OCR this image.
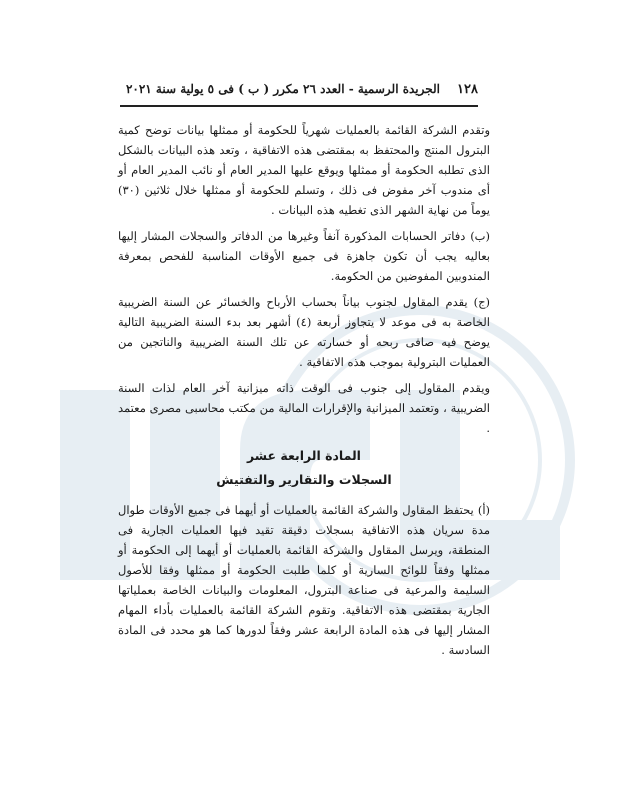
١٢٨
الجريدة الرسمية - العدد ٢٦ مكرر ( ب ) فى ٥ يولية سنة ٢٠٢١

وتقدم الشركة القائمة بالعمليات شهرياً للحكومة أو ممثلها بيانات توضح كمية البترول المنتج والمحتفظ به بمقتضى هذه الاتفاقية ، وتعد هذه البيانات بالشكل الذى تطلبه الحكومة أو ممثلها ويوقع عليها المدير العام أو نائب المدير العام أو أى مندوب آخر مفوض فى ذلك ، وتسلم للحكومة أو ممثلها خلال ثلاثين (٣٠) يوماً من نهاية الشهر الذى تغطيه هذه البيانات .

(ب) دفاتر الحسابات المذكورة آنفاً وغيرها من الدفاتر والسجلات المشار إليها بعاليه يجب أن تكون جاهزة فى جميع الأوقات المناسبة للفحص بمعرفة المندوبين المفوضين من الحكومة.

(ج) يقدم المقاول لجنوب بياناً بحساب الأرباح والخسائر عن السنة الضريبية الخاصة به فى موعد لا يتجاوز أربعة (٤) أشهر بعد بدء السنة الضريبية التالية يوضح فيه صافى ربحه أو خسارته عن تلك السنة الضريبية والناتجين من العمليات البترولية بموجب هذه الاتفاقية .

ويقدم المقاول إلى جنوب فى الوقت ذاته ميزانية آخر العام لذات السنة الضريبية ، وتعتمد الميزانية والإقرارات المالية من مكتب محاسبى مصرى معتمد .

المادة الرابعة عشر
السجلات والتقارير والتفتيش

(أ) يحتفظ المقاول والشركة القائمة بالعمليات أو أيهما فى جميع الأوقات طوال مدة سريان هذه الاتفاقية بسجلات دقيقة تقيد فيها العمليات الجارية فى المنطقة، ويرسل المقاول والشركة القائمة بالعمليات أو أيهما إلى الحكومة أو ممثلها وفقاً للوائح السارية أو كلما طلبت الحكومة أو ممثلها وفقا للأصول السليمة والمرعية فى صناعة البترول، المعلومات والبيانات الخاصة بعملياتها الجارية بمقتضى هذه الاتفاقية. وتقوم الشركة القائمة بالعمليات بأداء المهام المشار إليها فى هذه المادة الرابعة عشر وفقاً لدورها كما هو محدد فى المادة السادسة .
